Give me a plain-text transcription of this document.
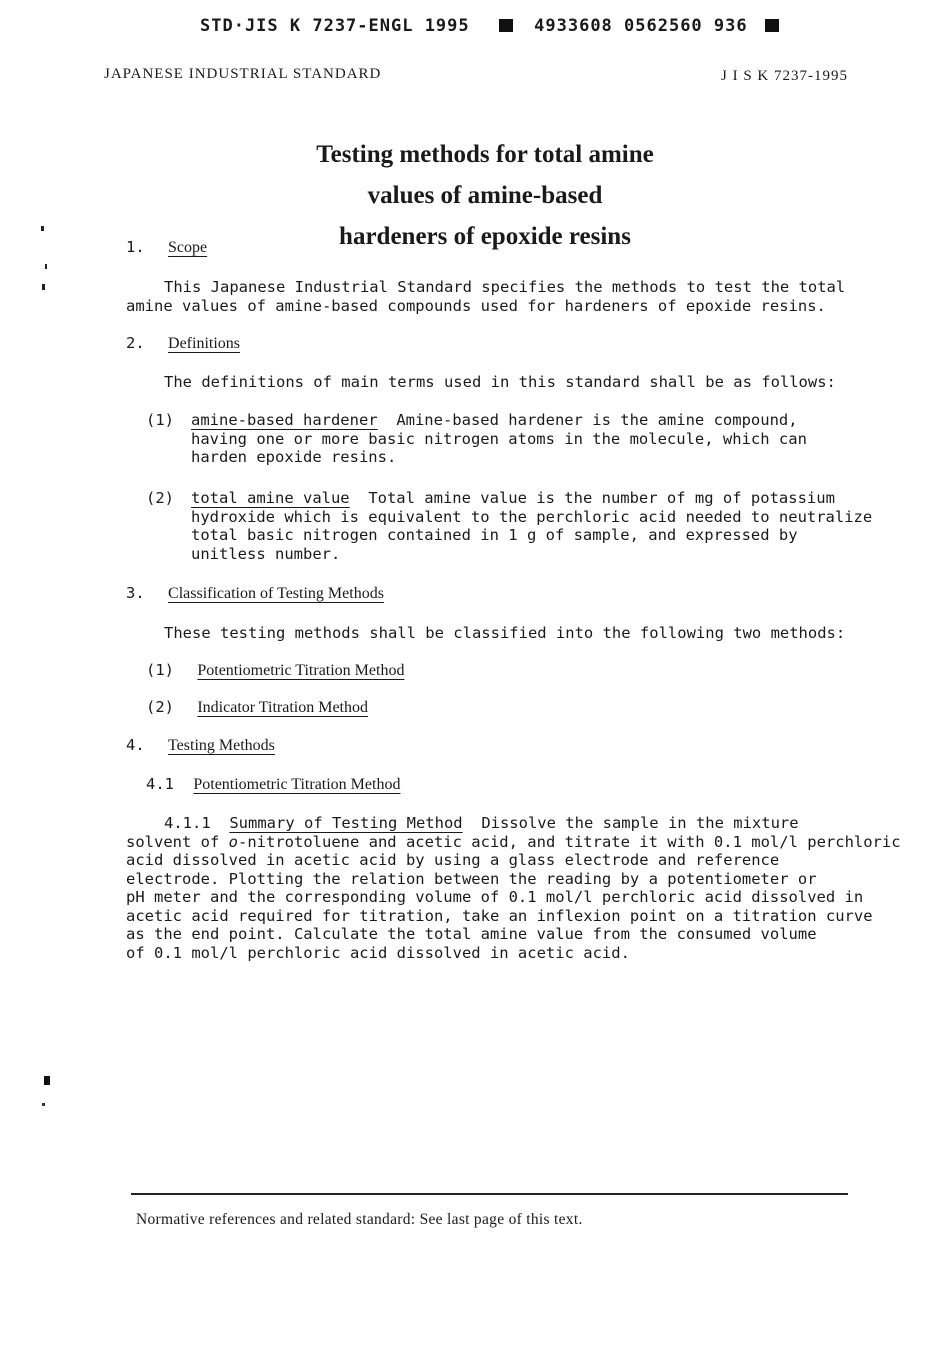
STD·JIS K 7237-ENGL 1995	4933608 0562560 936
JAPANESE INDUSTRIAL STANDARD	J I S K 7237-1995
Testing methods for total amine
values of amine-based
hardeners of epoxide resins
1. Scope
This Japanese Industrial Standard specifies the methods to test the total
amine values of amine-based compounds used for hardeners of epoxide resins.
2. Definitions
The definitions of main terms used in this standard shall be as follows:
(1) amine-based hardener Amine-based hardener is the amine compound,
having one or more basic nitrogen atoms in the molecule, which can
harden epoxide resins.
(2) total amine value Total amine value is the number of mg of potassium
hydroxide which is equivalent to the perchloric acid needed to neutralize
total basic nitrogen contained in 1 g of sample, and expressed by
unitless number.
3. Classification of Testing Methods
These testing methods shall be classified into the following two methods:
(1) Potentiometric Titration Method
(2) Indicator Titration Method
4. Testing Methods
4.1 Potentiometric Titration Method
4.1.1 Summary of Testing Method Dissolve the sample in the mixture
solvent of o-nitrotoluene and acetic acid, and titrate it with 0.1 mol/l perchloric
acid dissolved in acetic acid by using a glass electrode and reference
electrode. Plotting the relation between the reading by a potentiometer or
pH meter and the corresponding volume of 0.1 mol/l perchloric acid dissolved in
acetic acid required for titration, take an inflexion point on a titration curve
as the end point. Calculate the total amine value from the consumed volume
of 0.1 mol/l perchloric acid dissolved in acetic acid.
Normative references and related standard: See last page of this text.
